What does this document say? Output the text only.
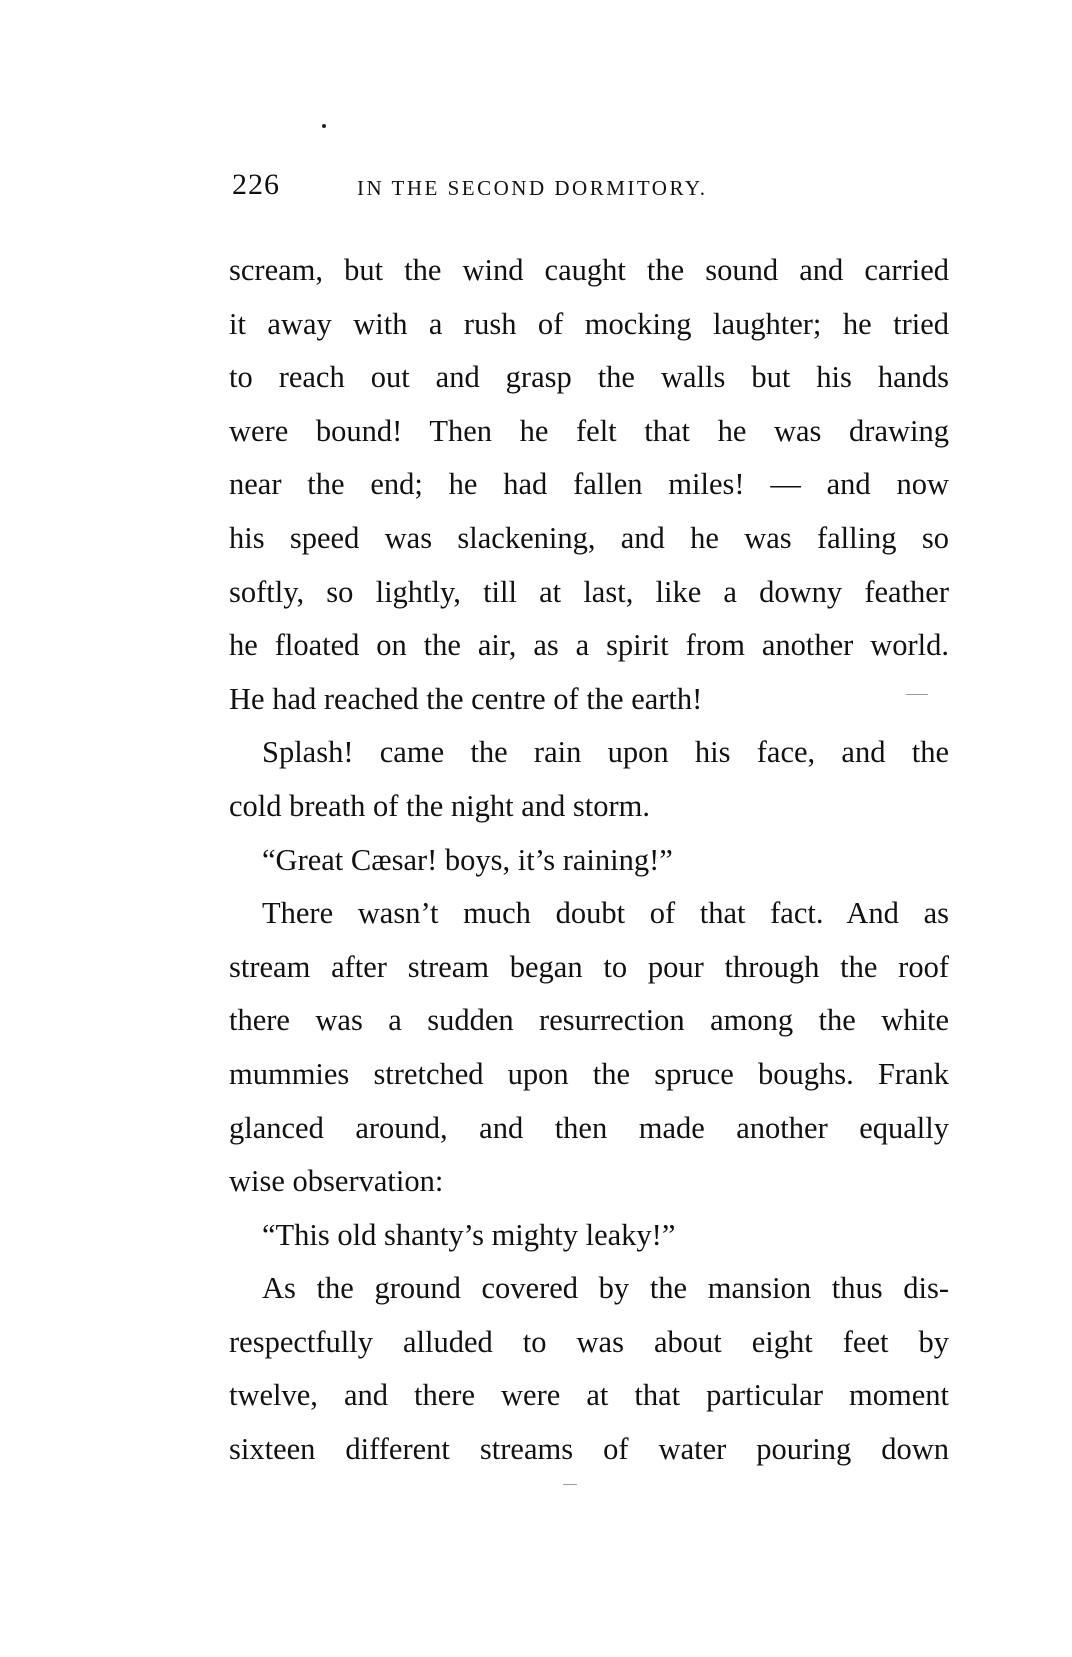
226	IN THE SECOND DORMITORY.
scream, but the wind caught the sound and carried
it away with a rush of mocking laughter; he tried
to reach out and grasp the walls but his hands
were bound! Then he felt that he was drawing
near the end; he had fallen miles! — and now
his speed was slackening, and he was falling so
softly, so lightly, till at last, like a downy feather
he floated on the air, as a spirit from another world.
He had reached the centre of the earth!
Splash! came the rain upon his face, and the
cold breath of the night and storm.
“Great Cæsar! boys, it’s raining!”
There wasn’t much doubt of that fact. And as
stream after stream began to pour through the roof
there was a sudden resurrection among the white
mummies stretched upon the spruce boughs. Frank
glanced around, and then made another equally
wise observation:
“This old shanty’s mighty leaky!”
As the ground covered by the mansion thus dis-
respectfully alluded to was about eight feet by
twelve, and there were at that particular moment
sixteen different streams of water pouring down
